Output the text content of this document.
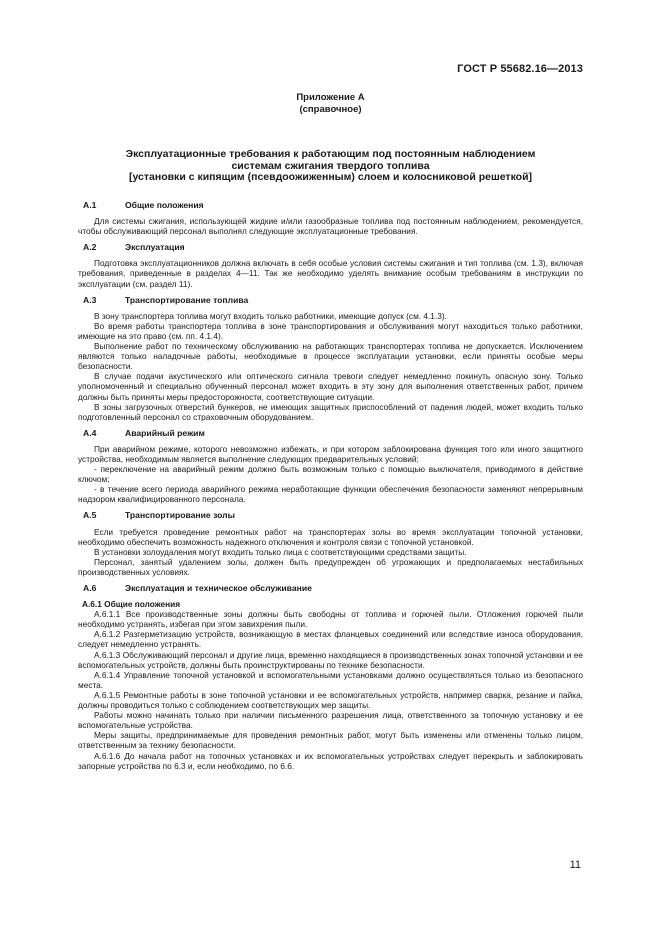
ГОСТ Р 55682.16—2013
Приложение А
(справочное)
Эксплуатационные требования к работающим под постоянным наблюдением
системам сжигания твердого топлива
[установки с кипящим (псевдоожиженным) слоем и колосниковой решеткой]
А.1	Общие положения

Для системы сжигания, использующей жидкие и/или газообразные топлива под постоянным наблюдением, рекомендуется, чтобы обслуживающий персонал выполнял следующие эксплуатационные требования.

А.2	Эксплуатация

Подготовка эксплуатационников должна включать в себя особые условия системы сжигания и тип топлива (см. 1.3), включая требования, приведенные в разделах 4—11. Так же необходимо уделять внимание особым требованиям в инструкции по эксплуатации (см. раздел 11).

А.3	Транспортирование топлива

В зону транспортера топлива могут входить только работники, имеющие допуск (см. 4.1.3).

Во время работы транспортера топлива в зоне транспортирования и обслуживания могут находиться только работники, имеющие на это право (см. пп. 4.1.4).

Выполнение работ по техническому обслуживанию на работающих транспортерах топлива не допускается. Исключением являются только наладочные работы, необходимые в процессе эксплуатации установки, если приняты особые меры безопасности.

В случае подачи акустического или оптического сигнала тревоги следует немедленно покинуть опасную зону. Только уполномоченный и специально обученный персонал может входить в эту зону для выполнения ответственных работ, причем должны быть приняты меры предосторожности, соответствующие ситуации.

В зоны загрузочных отверстий бункеров, не имеющих защитных приспособлений от падения людей, может входить только подготовленный персонал со страховочным оборудованием.

А.4	Аварийный режим

При аварийном режиме, которого невозможно избежать, и при котором заблокирована функция того или иного защитного устройства, необходимым является выполнение следующих предварительных условий:

- переключение на аварийный режим должно быть возможным только с помощью выключателя, приводимого в действие ключом;

- в течение всего периода аварийного режима неработающие функции обеспечения безопасности заменяют непрерывным надзором квалифицированного персонала.

А.5	Транспортирование золы

Если требуется проведение ремонтных работ на транспортерах золы во время эксплуатации топочной установки, необходимо обеспечить возможность надежного отключения и контроля связи с топочной установкой.

В установки золоудаления могут входить только лица с соответствующими средствами защиты.

Персонал, занятый удалением золы, должен быть предупрежден об угрожающих и предполагаемых нестабильных производственных условиях.

А.6	Эксплуатация и техническое обслуживание
А.6.1 Общие положения

А.6.1.1 Все производственные зоны должны быть свободны от топлива и горючей пыли. Отложения горючей пыли необходимо устранять, избегая при этом завихрения пыли.

А.6.1.2 Разгерметизацию устройств, возникающую в местах фланцевых соединений или вследствие износа оборудования, следует немедленно устранять.

А.6.1.3 Обслуживающий персонал и другие лица, временно находящиеся в производственных зонах топочной установки и ее вспомогательных устройств, должны быть проинструктированы по технике безопасности.

А.6.1.4 Управление топочной установкой и вспомогательными установками должно осуществляться только из безопасного места.

А.6.1.5 Ремонтные работы в зоне топочной установки и ее вспомогательных устройств, например сварка, резание и пайка, должны проводиться только с соблюдением соответствующих мер защиты.

Работы можно начинать только при наличии письменного разрешения лица, ответственного за топочную установку и ее вспомогательные устройства.

Меры защиты, предпринимаемые для проведения ремонтных работ, могут быть изменены или отменены только лицом, ответственным за технику безопасности.

А.6.1.6 До начала работ на топочных установках и их вспомогательных устройствах следует перекрыть и заблокировать запорные устройства по 6.3 и, если необходимо, по 6.6.

11
